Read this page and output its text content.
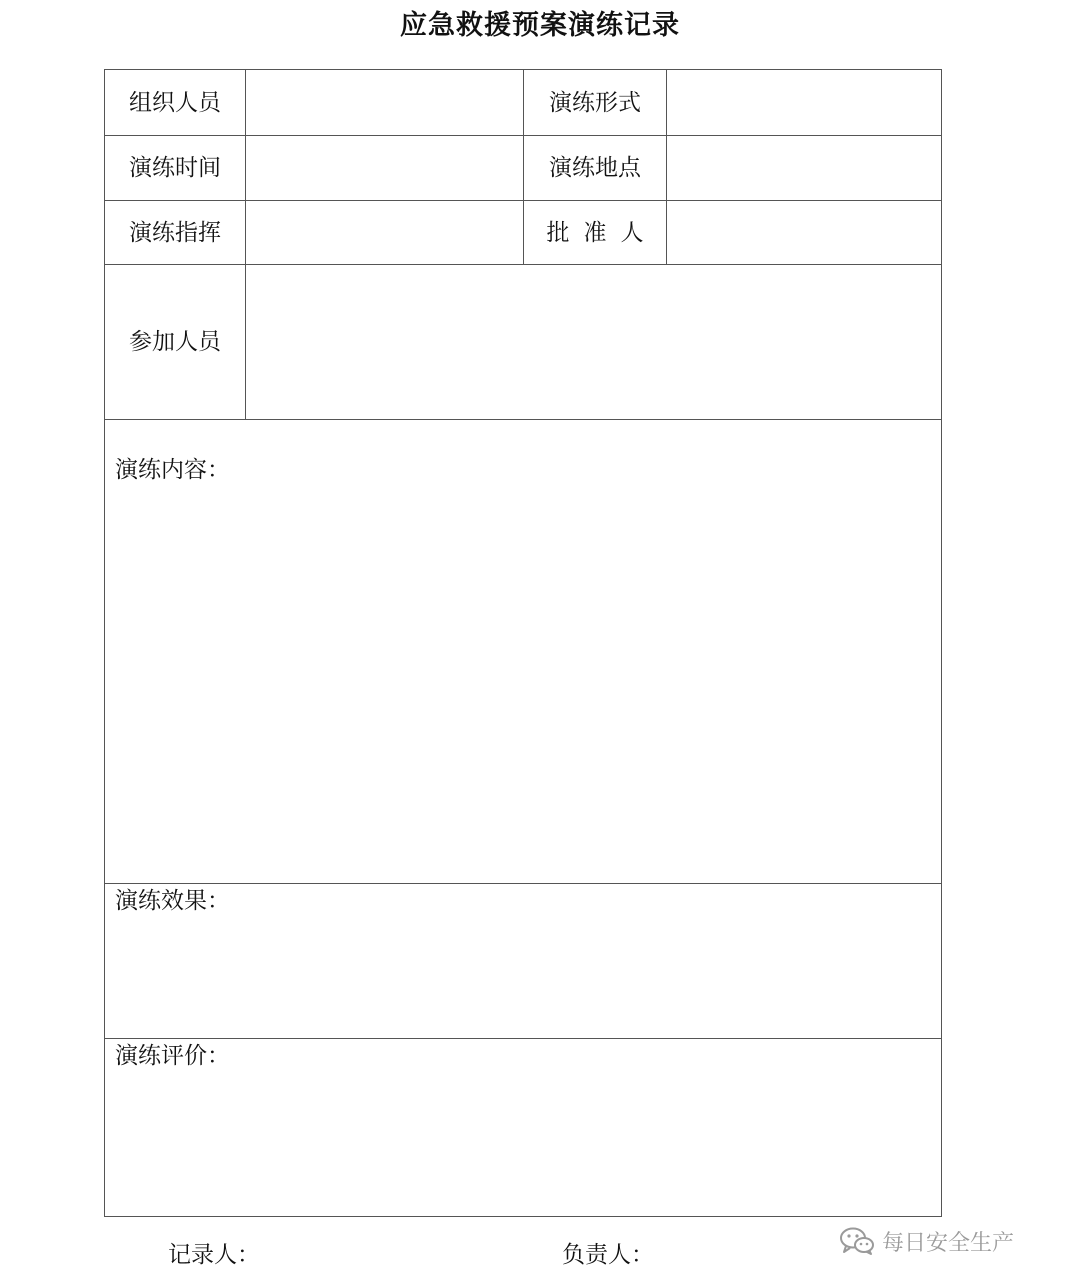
应急救援预案演练记录
组织人员	演练形式
演练时间	演练地点
演练指挥	批准人
参加人员
演练内容：
演练效果：
演练评价：
记录人：	负责人：	每日安全生产
